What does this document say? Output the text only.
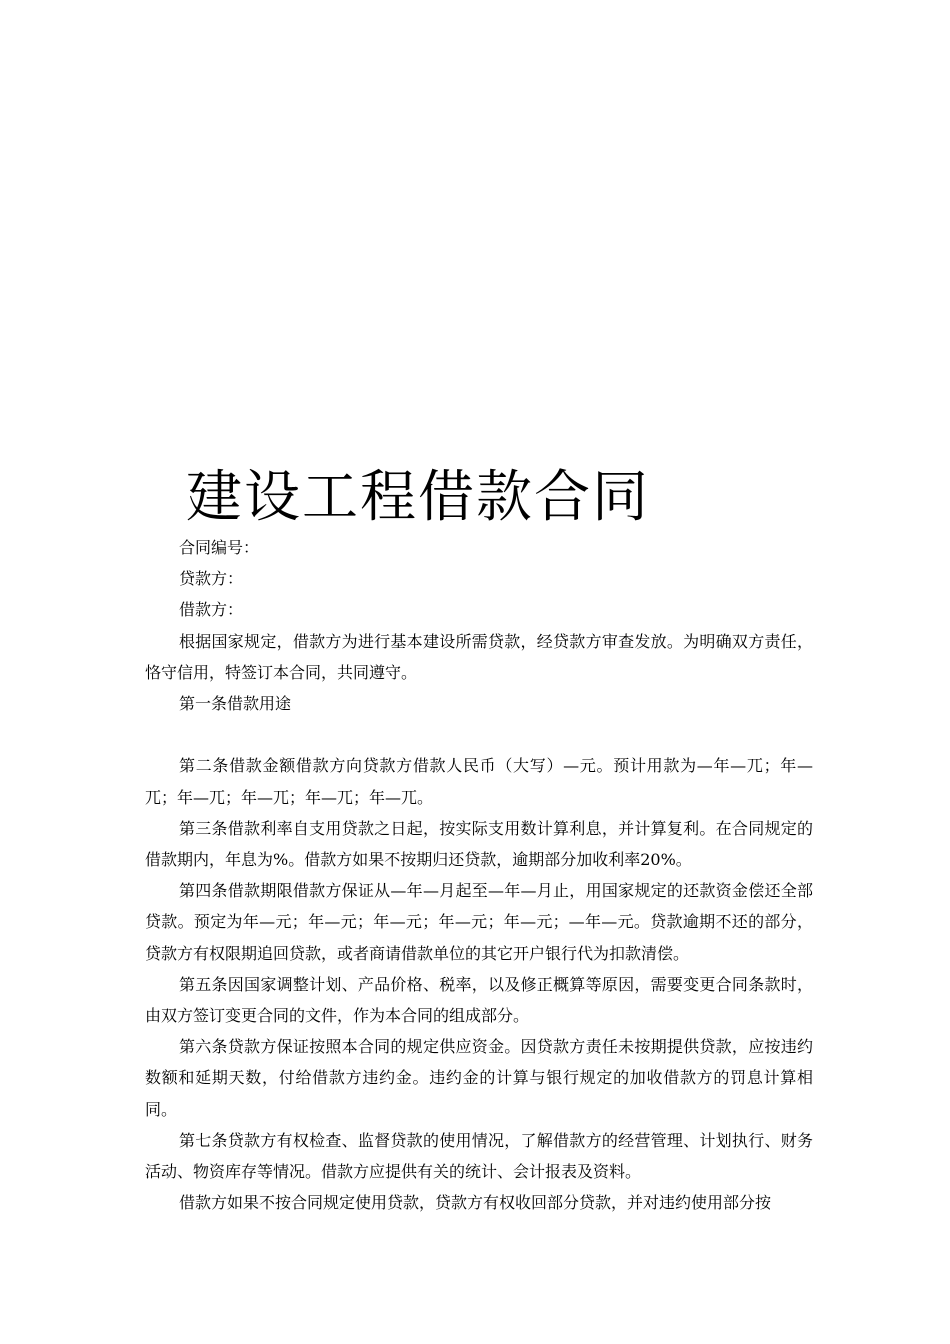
建设工程借款合同

合同编号：

贷款方：

借款方：

根据国家规定，借款方为进行基本建设所需贷款，经贷款方审查发放。为明确双方责任，恪守信用，特签订本合同，共同遵守。

第一条借款用途

第二条借款金额借款方向贷款方借款人民币（大写）—元。预计用款为—年—兀；年—兀；年—兀；年—兀；年—兀；年—兀。

第三条借款利率自支用贷款之日起，按实际支用数计算利息，并计算复利。在合同规定的借款期内，年息为%。借款方如果不按期归还贷款，逾期部分加收利率20%。

第四条借款期限借款方保证从—年—月起至—年—月止，用国家规定的还款资金偿还全部贷款。预定为年—元；年—元；年—元；年—元；年—元；—年—元。贷款逾期不还的部分，贷款方有权限期追回贷款，或者商请借款单位的其它开户银行代为扣款清偿。

第五条因国家调整计划、产品价格、税率，以及修正概算等原因，需要变更合同条款时，由双方签订变更合同的文件，作为本合同的组成部分。

第六条贷款方保证按照本合同的规定供应资金。因贷款方责任未按期提供贷款，应按违约数额和延期天数，付给借款方违约金。违约金的计算与银行规定的加收借款方的罚息计算相同。

第七条贷款方有权检查、监督贷款的使用情况，了解借款方的经营管理、计划执行、财务活动、物资库存等情况。借款方应提供有关的统计、会计报表及资料。

借款方如果不按合同规定使用贷款，贷款方有权收回部分贷款，并对违约使用部分按
